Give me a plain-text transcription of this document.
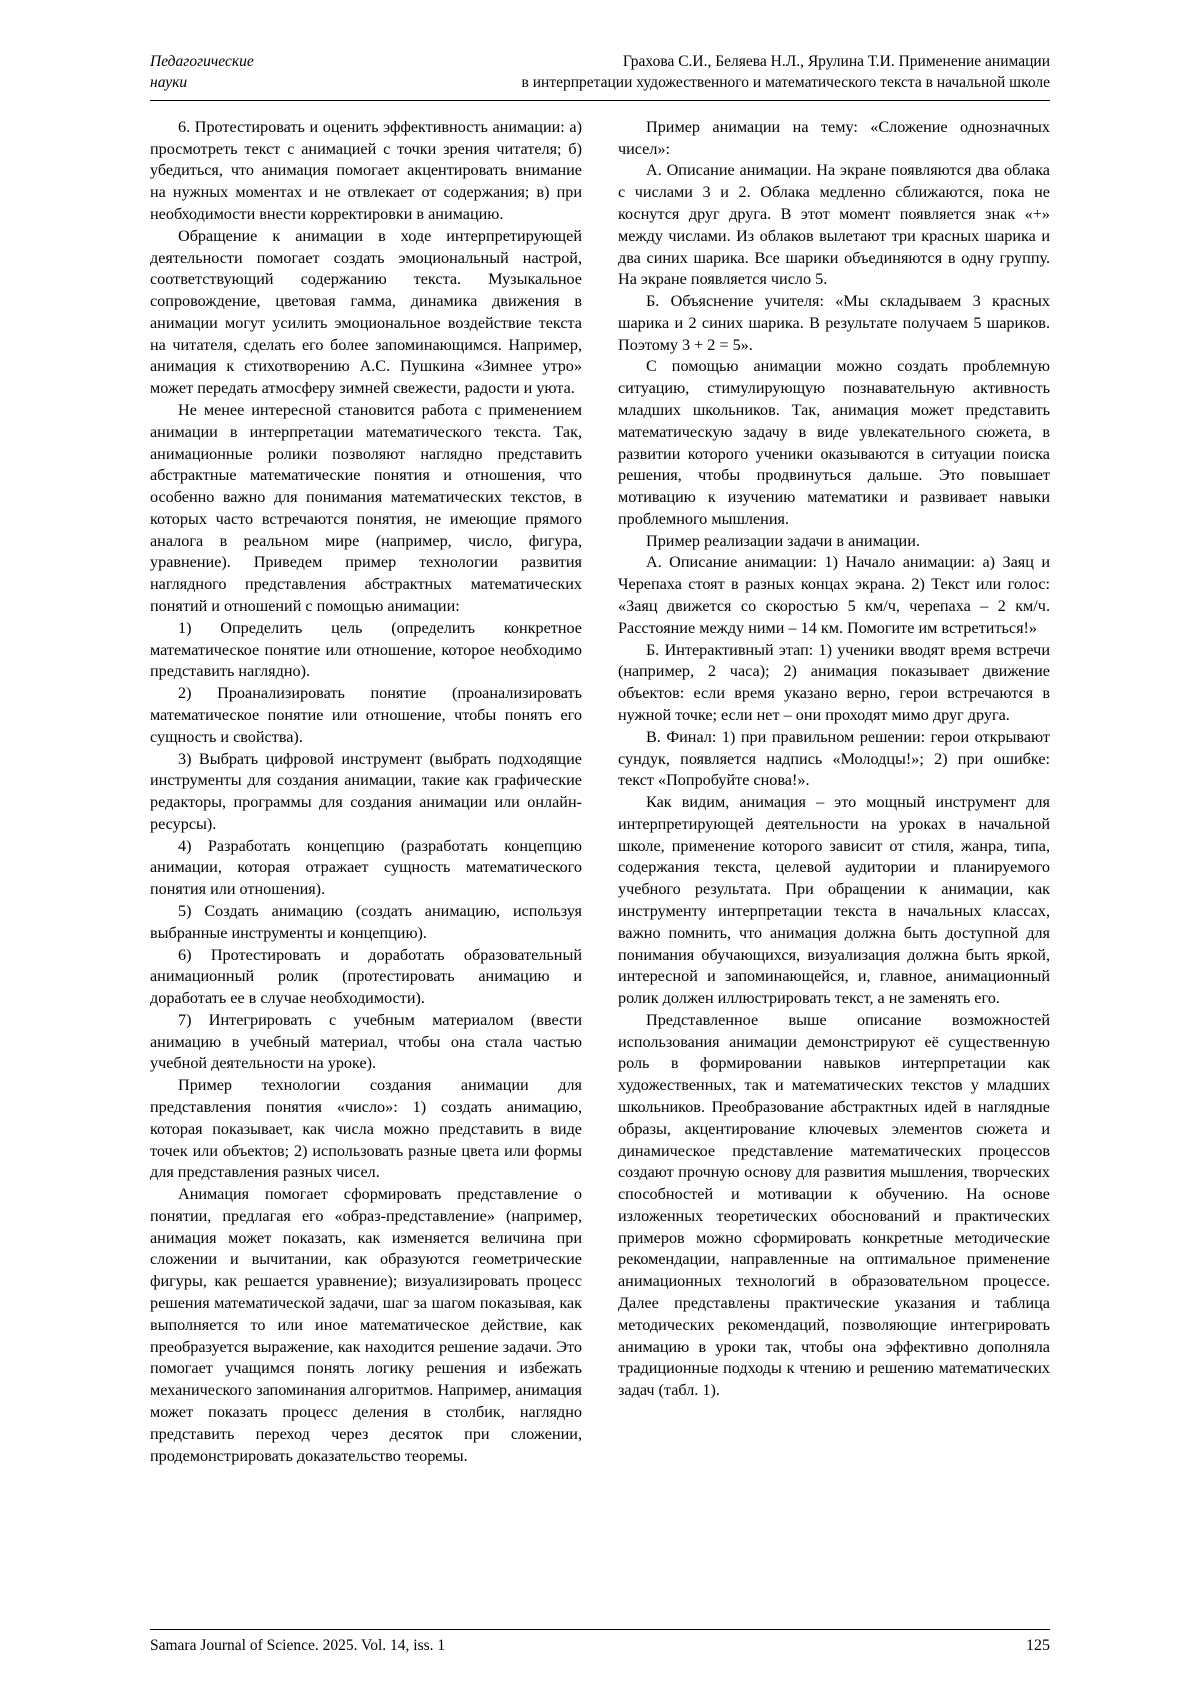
Педагогические
науки
Грахова С.И., Беляева Н.Л., Ярулина Т.И. Применение анимации
в интерпретации художественного и математического текста в начальной школе

6. Протестировать и оценить эффективность анимации: а) просмотреть текст с анимацией с точки зрения читателя; б) убедиться, что анимация помогает акцентировать внимание на нужных моментах и не отвлекает от содержания; в) при необходимости внести корректировки в анимацию.

Обращение к анимации в ходе интерпретирующей деятельности помогает создать эмоциональный настрой, соответствующий содержанию текста. Музыкальное сопровождение, цветовая гамма, динамика движения в анимации могут усилить эмоциональное воздействие текста на читателя, сделать его более запоминающимся. Например, анимация к стихотворению А.С. Пушкина «Зимнее утро» может передать атмосферу зимней свежести, радости и уюта.

Не менее интересной становится работа с применением анимации в интерпретации математического текста. Так, анимационные ролики позволяют наглядно представить абстрактные математические понятия и отношения, что особенно важно для понимания математических текстов, в которых часто встречаются понятия, не имеющие прямого аналога в реальном мире (например, число, фигура, уравнение). Приведем пример технологии развития наглядного представления абстрактных математических понятий и отношений с помощью анимации:

1) Определить цель (определить конкретное математическое понятие или отношение, которое необходимо представить наглядно).

2) Проанализировать понятие (проанализировать математическое понятие или отношение, чтобы понять его сущность и свойства).

3) Выбрать цифровой инструмент (выбрать подходящие инструменты для создания анимации, такие как графические редакторы, программы для создания анимации или онлайн-ресурсы).

4) Разработать концепцию (разработать концепцию анимации, которая отражает сущность математического понятия или отношения).

5) Создать анимацию (создать анимацию, используя выбранные инструменты и концепцию).

6) Протестировать и доработать образовательный анимационный ролик (протестировать анимацию и доработать ее в случае необходимости).

7) Интегрировать с учебным материалом (ввести анимацию в учебный материал, чтобы она стала частью учебной деятельности на уроке).

Пример технологии создания анимации для представления понятия «число»: 1) создать анимацию, которая показывает, как числа можно представить в виде точек или объектов; 2) использовать разные цвета или формы для представления разных чисел.

Анимация помогает сформировать представление о понятии, предлагая его «образ-представление» (например, анимация может показать, как изменяется величина при сложении и вычитании, как образуются геометрические фигуры, как решается уравнение); визуализировать процесс решения математической задачи, шаг за шагом показывая, как выполняется то или иное математическое действие, как преобразуется выражение, как находится решение задачи. Это помогает учащимся понять логику решения и избежать механического запоминания алгоритмов. Например, анимация может показать процесс деления в столбик, наглядно представить переход через десяток при сложении, продемонстрировать доказательство теоремы.

Пример анимации на тему: «Сложение однозначных чисел»:

А. Описание анимации. На экране появляются два облака с числами 3 и 2. Облака медленно сближаются, пока не коснутся друг друга. В этот момент появляется знак «+» между числами. Из облаков вылетают три красных шарика и два синих шарика. Все шарики объединяются в одну группу. На экране появляется число 5.

Б. Объяснение учителя: «Мы складываем 3 красных шарика и 2 синих шарика. В результате получаем 5 шариков. Поэтому 3 + 2 = 5».

С помощью анимации можно создать проблемную ситуацию, стимулирующую познавательную активность младших школьников. Так, анимация может представить математическую задачу в виде увлекательного сюжета, в развитии которого ученики оказываются в ситуации поиска решения, чтобы продвинуться дальше. Это повышает мотивацию к изучению математики и развивает навыки проблемного мышления.

Пример реализации задачи в анимации.

А. Описание анимации: 1) Начало анимации: а) Заяц и Черепаха стоят в разных концах экрана. 2) Текст или голос: «Заяц движется со скоростью 5 км/ч, черепаха – 2 км/ч. Расстояние между ними – 14 км. Помогите им встретиться!»

Б. Интерактивный этап: 1) ученики вводят время встречи (например, 2 часа); 2) анимация показывает движение объектов: если время указано верно, герои встречаются в нужной точке; если нет – они проходят мимо друг друга.

В. Финал: 1) при правильном решении: герои открывают сундук, появляется надпись «Молодцы!»; 2) при ошибке: текст «Попробуйте снова!».

Как видим, анимация – это мощный инструмент для интерпретирующей деятельности на уроках в начальной школе, применение которого зависит от стиля, жанра, типа, содержания текста, целевой аудитории и планируемого учебного результата. При обращении к анимации, как инструменту интерпретации текста в начальных классах, важно помнить, что анимация должна быть доступной для понимания обучающихся, визуализация должна быть яркой, интересной и запоминающейся, и, главное, анимационный ролик должен иллюстрировать текст, а не заменять его.

Представленное выше описание возможностей использования анимации демонстрируют её существенную роль в формировании навыков интерпретации как художественных, так и математических текстов у младших школьников. Преобразование абстрактных идей в наглядные образы, акцентирование ключевых элементов сюжета и динамическое представление математических процессов создают прочную основу для развития мышления, творческих способностей и мотивации к обучению. На основе изложенных теоретических обоснований и практических примеров можно сформировать конкретные методические рекомендации, направленные на оптимальное применение анимационных технологий в образовательном процессе. Далее представлены практические указания и таблица методических рекомендаций, позволяющие интегрировать анимацию в уроки так, чтобы она эффективно дополняла традиционные подходы к чтению и решению математических задач (табл. 1).

Samara Journal of Science. 2025. Vol. 14, iss. 1	125
